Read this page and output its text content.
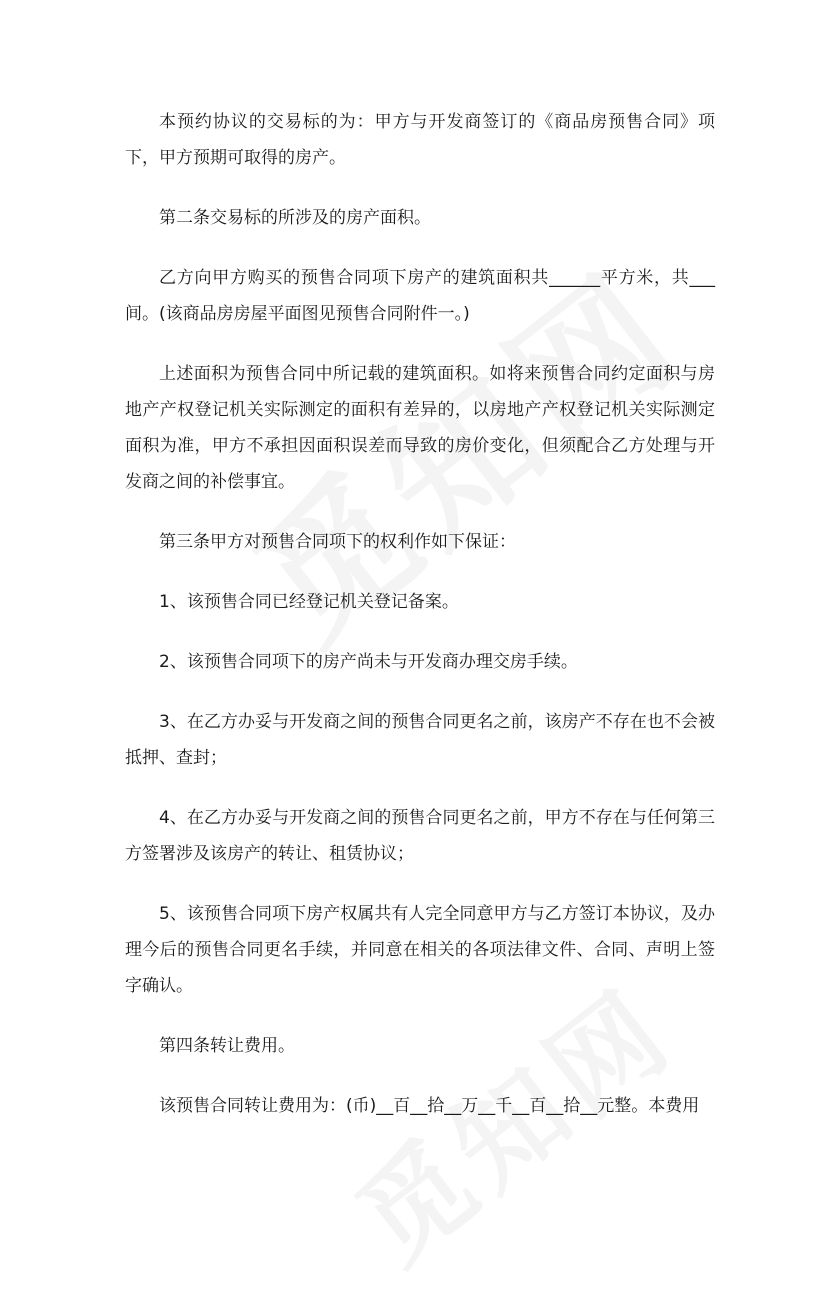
本预约协议的交易标的为：甲方与开发商签订的《商品房预售合同》项下，甲方预期可取得的房产。

第二条交易标的所涉及的房产面积。

乙方向甲方购买的预售合同项下房产的建筑面积共______平方米，共___间。(该商品房房屋平面图见预售合同附件一。)

上述面积为预售合同中所记载的建筑面积。如将来预售合同约定面积与房地产产权登记机关实际测定的面积有差异的，以房地产产权登记机关实际测定面积为准，甲方不承担因面积误差而导致的房价变化，但须配合乙方处理与开发商之间的补偿事宜。

第三条甲方对预售合同项下的权利作如下保证：

1、该预售合同已经登记机关登记备案。

2、该预售合同项下的房产尚未与开发商办理交房手续。

3、在乙方办妥与开发商之间的预售合同更名之前，该房产不存在也不会被抵押、查封；

4、在乙方办妥与开发商之间的预售合同更名之前，甲方不存在与任何第三方签署涉及该房产的转让、租赁协议；

5、该预售合同项下房产权属共有人完全同意甲方与乙方签订本协议，及办理今后的预售合同更名手续，并同意在相关的各项法律文件、合同、声明上签字确认。

第四条转让费用。

该预售合同转让费用为：(币)__百__拾__万__千__百__拾__元整。本费用
